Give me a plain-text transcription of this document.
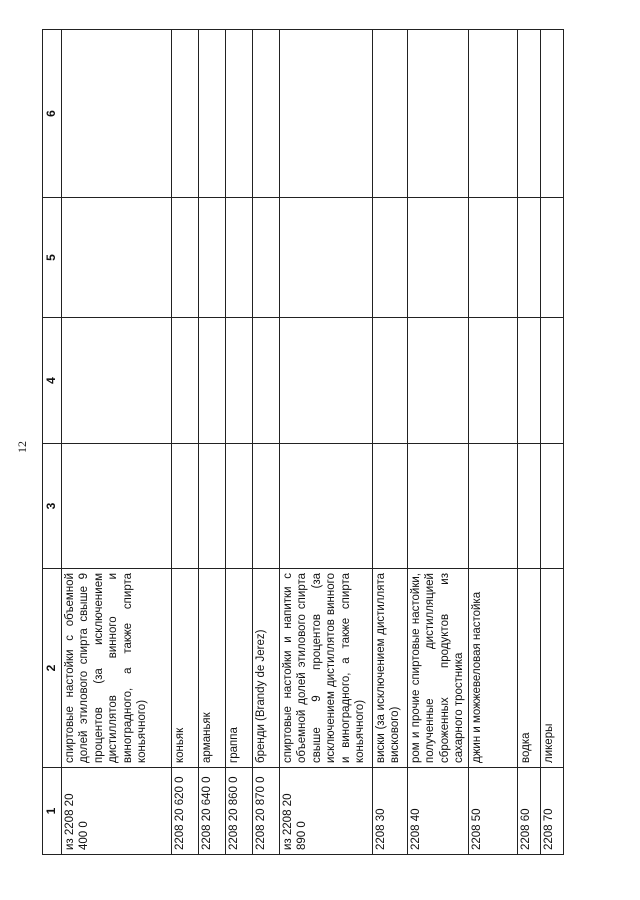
12
1	2	3	4	5	6
из 2208 20 400 0	спиртовые настойки с объемной долей этилового спирта свыше 9 процентов (за исключением дистиллятов винного и виноградного, а также спирта коньячного)				
2208 20 620 0	коньяк				
2208 20 640 0	арманьяк				
2208 20 860 0	граппа				
2208 20 870 0	бренди (Brandy de Jerez)				
из 2208 20 890 0	спиртовые настойки и напитки с объемной долей этилового спирта свыше 9 процентов (за исключением дистиллятов винного и виноградного, а также спирта коньячного)				
2208 30	виски (за исключением дистиллята вискового)				
2208 40	ром и прочие спиртовые настойки, полученные дистилляцией сброженных продуктов из сахарного тростника				
2208 50	джин и можжевеловая настойка				
2208 60	водка				
2208 70	ликеры				
